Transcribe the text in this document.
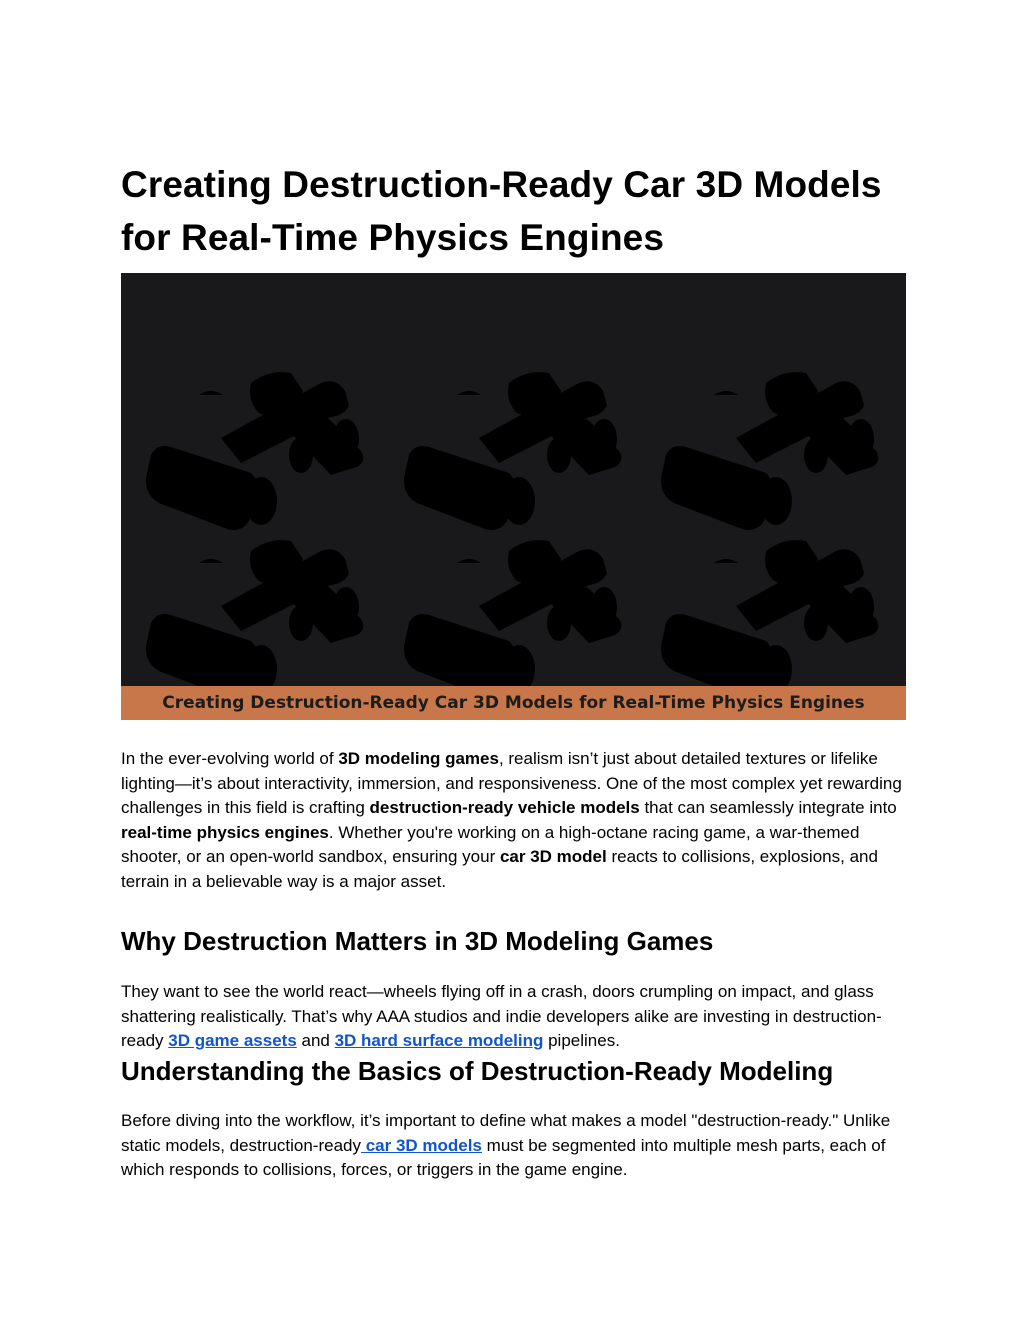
Creating Destruction-Ready Car 3D Models for Real-Time Physics Engines
Creating Destruction-Ready Car 3D Models for Real-Time Physics Engines

In the ever-evolving world of 3D modeling games, realism isn’t just about detailed textures or lifelike lighting—it’s about interactivity, immersion, and responsiveness. One of the most complex yet rewarding challenges in this field is crafting destruction-ready vehicle models that can seamlessly integrate into real-time physics engines. Whether you're working on a high-octane racing game, a war-themed shooter, or an open-world sandbox, ensuring your car 3D model reacts to collisions, explosions, and terrain in a believable way is a major asset.

Why Destruction Matters in 3D Modeling Games

They want to see the world react—wheels flying off in a crash, doors crumpling on impact, and glass shattering realistically. That’s why AAA studios and indie developers alike are investing in destruction-ready 3D game assets and 3D hard surface modeling pipelines.

Understanding the Basics of Destruction-Ready Modeling

Before diving into the workflow, it’s important to define what makes a model "destruction-ready." Unlike static models, destruction-ready car 3D models must be segmented into multiple mesh parts, each of which responds to collisions, forces, or triggers in the game engine.
